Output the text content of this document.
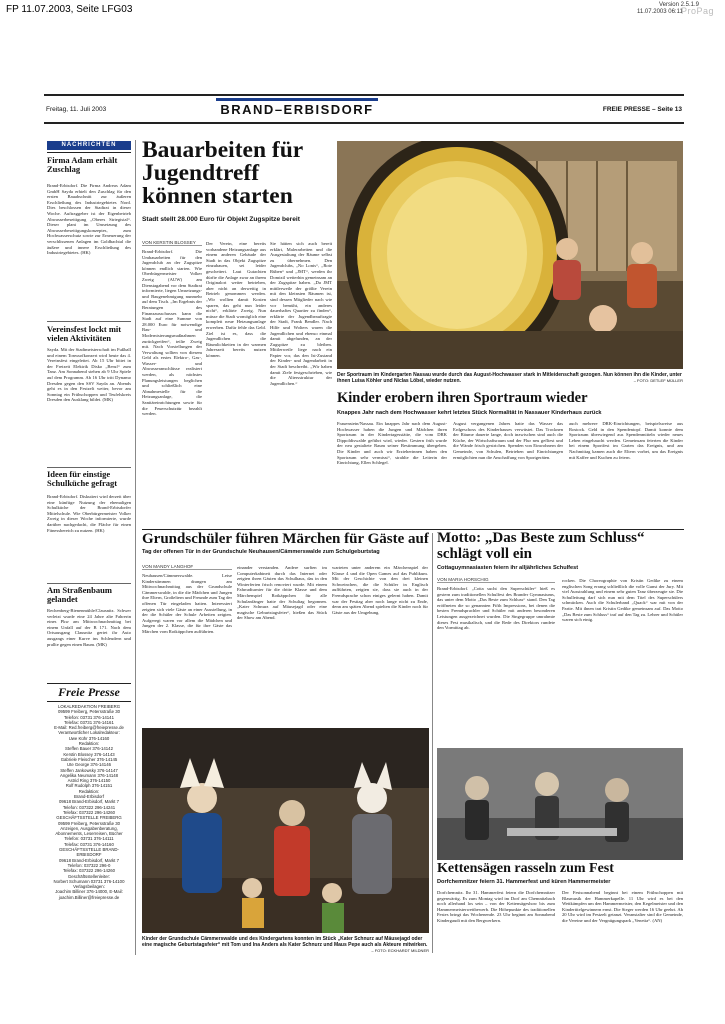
FP 11.07.2003, Seite LFG03	Version 2.5.1.9
11.07.2003 06:11
ProPag
Freitag, 11. Juli 2003	BRAND–ERBISDORF	FREIE PRESSE – Seite 13
NACHRICHTEN
Firma Adam erhält Zuschlag

Brand-Erbisdorf. Die Firma Andreas Adam GmbH Sayda erhielt den Zuschlag für den ersten Bauabschnitt zur äußeren Erschließung des Industriegebietes Nord. Dies beschlossen der Stadtrat in dieser Woche. Auftraggeber ist der Eigenbetrieb Abwasserbeseitigung „Oberes Striegistal“. Dieser plant im Umsetzung des Abwasserbeseitigungskonzeptes, zum Hochwasserschutz sowie zur Erneuerung der verschlissenen Anlagen im Goldbachtal die äußere und innere Erschließung des Industriegebietes. (HK)

Vereinsfest lockt mit vielen Aktivitäten

Sayda. Mit der Stadtmeisterschaft im Fußball und einem Tonwurfkonzert wird heute das 4. Vereinsfest eingeleitet. Ab 15 Uhr bittet in der Freizeit Elektrik Disko „Beruf“ zum Tanz. Am Sonnabend stehen ab 9 Uhr Spiele auf dem Programm. Ab 16 Uhr tritt Dynamo Dresden gegen den SSV Sayda an. Abends geht es in den Festzelt weiter, bevor am Sonntag ein Frühschoppen und Teufelskreis Dresden den Ausklang bildet. (MK)

Ideen für einstige Schulküche gefragt

Brand-Erbisdorf. Diskutiert wird derzeit über eine künftige Nutzung der ehemaligen Schulküche der Brand-Erbisdorfer Mittelschule. Wie Oberbürgermeister Volker Zweig in dieser Woche informierte, wurde darüber nachgedacht, die Fläche für einen Fitnessbereich zu nutzen. (HK)

Am Straßenbaum gelandet

Rechenberg-Bienenmühle/Clausnitz. Schwer verletzt wurde eine 24 Jahre alte Fahrerin eines Pkw am Mittwochnachmittag bei einem Unfall auf der B 171. Nach dem Ortsausgang Clausnitz geriet ihr Auto ausgangs einer Kurve ins Schleudern und prallte gegen einen Baum. (MK)

Freie Presse
LOKALREDAKTION FREIBERG
09599 Freiberg, Petersstraße 30
Telefon: 03731 376-14141
Telefax: 03731 376-14161
E-Mail: Red.freiberg@freiepresse.de
Verantwortlicher Lokalredakteur:
Uwe Kühr 376-14160
Redaktion:
Steffen Bauer 376-14142
Kerstin Blossey 376-14143
Gabriele Fleischer 376-14145
Ute George 376-14146
Steffen Jankowsky 376-14147
Angelika Neumann 376-14148
Astrid Ring 376-14150
Rolf Rudolph 376-14151
Redaktion:
Brand-Erbisdorf
09618 Brand-Erbisdorf, Markt 7
Telefon: 037322 296-14241
Telefax: 037322 296-14260
GESCHÄFTSSTELLE FREIBERG
09599 Freiberg, Petersstraße 30
Anzeigen, Ausgabenberatung, Abonnements, Leserreisen, Bücher
Telefon: 03731 376-14111
Telefax: 03731 376-14160
GESCHÄFTSSTELLE BRAND-ERBISDORF
09618 Brand-Erbisdorf, Markt 7
Telefon: 037322 296-0
Telefax: 037322 296-14260
Geschäftsstellenleiter:
Norbert Schumann 03731 376-14100
Verlagsbeilagen:
Joachim Billiner 376-14000, E-Mail: joachim.Billiner@freiepresse.de
Bauarbeiten für Jugendtreff können starten
Stadt stellt 28.000 Euro für Objekt Zugspitze bereit
VON KERSTIN BLOSSEY

Brand-Erbisdorf. Die Umbauarbeiten für den Jugendclub an der Zugspitze können endlich starten. Wie Oberbürgermeister Volker Zweig (AUW) am Dienstagabend vor dem Stadtrat informierte, liegen Umsetzungs- und Baugenehmigung nunmehr auf dem Tisch. „Im Ergebnis der Beratungen des Finanzausschusses kann die Stadt auf eine Summe von 28.000 Euro für notwendige Bau- und Modernisierungsmaßnahmen zurückgreifen“, teilte Zweig mit. Nach Vorstellungen der Verwaltung sollten von diesem Geld als erstes Elektro-, Gas-, Wasser- und Abwasseranschlüsse realisiert werden, als nächstes Planungsleistungen beglichen und schließlich eine Abnahmestelle für die Heizungsanlage, die Sanitäreinrichtungen sowie für die Feuerschutztür bezahlt werden.

Der Verein, eine bereits vorhandene Heizungsanlage aus einem anderen Gebäude der Stadt in das Objekt Zugspitze einzubauen, sei leider gescheitert. Laut Gutachten dürfte die Anlage zwar an ihrem Originalort weiter betrieben, aber nicht an derweitig in Betrieb genommen werden. „Wir wollten damit Kosten sparen, das geht nun leider nicht“, erklärte Zweig. Nun müsse die Stadt womöglich eine komplett neue Heizungsanlage erwerben. Dafür fehle das Geld. Ziel ist es, dass die Jugendlichen die Räumlichkeiten in der warmen Jahreszeit bereits nutzen können.

Sie hätten sich auch bereit erklärt, Malerarbeiten und die Ausgestaltung der Räume selbst zu übernehmen. Den Jugendclubs, „No Lonis“, „Rote Rüben“ und „JMT“, werden ihr Domizil weiterhin gemeinsam an der Zugspitze haben. „Da JMT mittlerweile der größte Verein mit den kleinsten Räumen ist, sind dessen Mitglieder nach wie vor bemüht, ein anderes dauerhaftes Quartier zu finden“, erklärte der Jugendbeauftragte der Stadt, Frank Bendler. Nach Hilfe und Wolters waren die Jugendlichen und ebenso einmal damit abgefunden, an der Zugspitze zu bleiben. Mittlerweile liege nach ein Papier vor, das den Ist-Zustand der Kinder- und Jugendarbeit in der Stadt beschreibt. „Wir haben damit Ziele festgeschrieben, wie die Altersstruktur der Jugendlichen.“

Der Sportraum im Kindergarten Nassau wurde durch das August-Hochwasser stark in Mitleidenschaft gezogen. Nun können ihn die Kinder, unter ihnen Luisa Köhler und Niclas Löbel, wieder nutzen.	– FOTO: DETLEF MÜLLER
Kinder erobern ihren Sportraum wieder
Knappes Jahr nach dem Hochwasser kehrt letztes Stück Normalität in Nassauer Kinderhaus zurück

Frauenstein/Nassau. Ein knappes Jahr nach dem August-Hochwasser haben die Jungen und Mädchen ihren Sportraum in der Kindertagesstätte, die vom DRK Dippoldiswalde geführt wird, wieder. Gestern früh wurde der neu gestaltete Raum seiner Bestimmung übergeben. Die Kinder und auch wir Erzieherinnen haben den Sportraum sehr vermisst“, strahlte die Leiterin der Einrichtung, Ellen Schlegel.

August vergangenen Jahres hatte das Wasser das Erdgeschoss des Kinderhauses verwüstet. Das Trocknen der Räume dauerte lange, doch inzwischen sind auch die Küche, der Wirtschaftsraum und der Flur neu gefliest und die Wände frisch gestrichen. Spenden von Einwohnern der Gemeinde, von Schulen, Betrieben und Einrichtungen ermöglichten nun die Anschaffung von Sportgeräten.

auch mehrere DRK-Einrichtungen, beispielsweise aus Rostock. Geld in den Spendentopf. Damit konnte dem Sportraum überwiegend aus Spendenmitteln wieder neues Leben eingehaucht werden. Gemeinsam feierten die Kinder bei einem Sportfest im Garten das Ereignis, und am Nachmittag kamen auch die Eltern vorbei, um das Ereignis mit Kaffee und Kuchen zu feiern.

Grundschüler führen Märchen für Gäste auf
Tag der offenen Tür in der Grundschule Neuhausen/Cämmerswalde zum Schulgeburtstag
VON MANDY LANGHOF

Neuhausen/Cämmerswalde. Leise Kinderstimmen drangen am Mittwochnachmittag aus der Grundschule Cämmerswalde, in die die Mädchen und Jungen ihre Eltern, Großeltern und Freunde zum Tag der offenen Tür eingeladen hatten. Interessiert zeigten sich viele Gäste an einer Ausstellung, in der die Schüler der Schule Arbeiten zeigten. Aufgeregt waren vor allem die Mädchen und Jungen der 2. Klasse, die für ihre Gäste das Märchen vom Rotkäppchen aufführten.

einander verstanden. Andere surften im Computerkabinett durch das Internet oder zeigten ihren Gästen das Schulhaus, das in den Winterferien frisch renoviert wurde. Mit einem Fahrradturnier für die dritte Klasse und dem Märchenspiel Rotkäppchen für alle Schulanfänger hatte der Schultag begonnen. „Kater Schnurz auf Mäusejagd oder eine magische Geburtstagsfeier“, hießen das Stück der Show am Abend.

warteten unter anderem ein Märchenspiel der Klasse 4 und die Open Games auf das Publikum. Mit der Geschichte von den drei kleinen Schweinchen, die die Schüler in Englisch aufführten, zeigten sie, dass sie auch in der Fremdsprache schon einiges gelernt haben. Damit war der Festtag aber noch lange nicht zu Ende, denn am späten Abend spielten die Kinder noch für Gäste aus der Umgebung.

Kinder der Grundschule Cämmerswalde und des Kindergartens konnten im Stück „Kater Schnurz auf Mäusejagd oder eine magische Geburtstagsfeier“ mit Tom und Ina Anders als Kater Schnurz und Maus Pepe auch als Akteure mitwirken.
– FOTO: ECKHARDT MILDNER
Motto: „Das Beste zum Schluss“ schlägt voll ein
Cottaguymnasiasten feiern ihr alljährliches Schulfest
VON MARIA HORSCHIG

Brand-Erbisdorf. „Cotta sucht den Superschüler“ hieß es gestern zum traditionellen Schulfest des Brander Gymnasiums, das unter dem Motto „Das Beste zum Schluss“ stand. Den Tag eröffneten die so genannten Fifth Impressions, bei denen die besten Fremdsprachler und Schüler mit anderen besonderen Leistungen ausgezeichnet wurden. Die Singegruppe umrahmte dieses Fest musikalisch, und die Rede des Direktors rundete den Vormittag ab.

rocken. Die Choreographie von Kristin Gedike zu einem englischen Song errang schließlich die volle Gunst der Jury. Mit viel Ausstrahlung und einem sehr guten Tanz überzeugte sie. Die Schulleitung darf sich nun mit dem Titel des Superschülers schmücken. Auch die Schulerband „Quack“ war mit von der Partie. Mit ihnen trat Kristin Gedike gemeinsam auf. Das Motto „Das Beste zum Schluss“ traf auf den Tag zu. Lehrer und Schüler waren sich einig.

Kettensägen rasseln zum Fest
Dorfchemnitzer feiern 31. Hammerfest und küren Hammermeister

Dorfchemnitz. Ihr 31. Hammerfest feiern die Dorfchemnitzer gegenwärtig. Es zum Montag wird im Dorf am Chemnitzbach noch allerhand los sein – von der Kettensägeshow bis zum Hammermeisterwettbewerb. Die Höhepunkte des traditionellen Festes bringt das Wochenende. 23 Uhr beginnt am Sonnabend Kindergaudi mit den Bergwerkern.

Der Festsonnabend beginnt bei einem Frühschoppen mit Blasmusik der Hammerkapelle. 11 Uhr wird es bei den Wettkämpfen um den Hammermeister, den Kegelmeister und den Kindertitelgewinnern ernst. Die Sieger werden 16 Uhr geehrt. Ab 20 Uhr wird im Festzelt getanzt. Veranstalter sind die Gemeinde, die Vereine und der Vergnügungspark „Venetia“. (AN)
